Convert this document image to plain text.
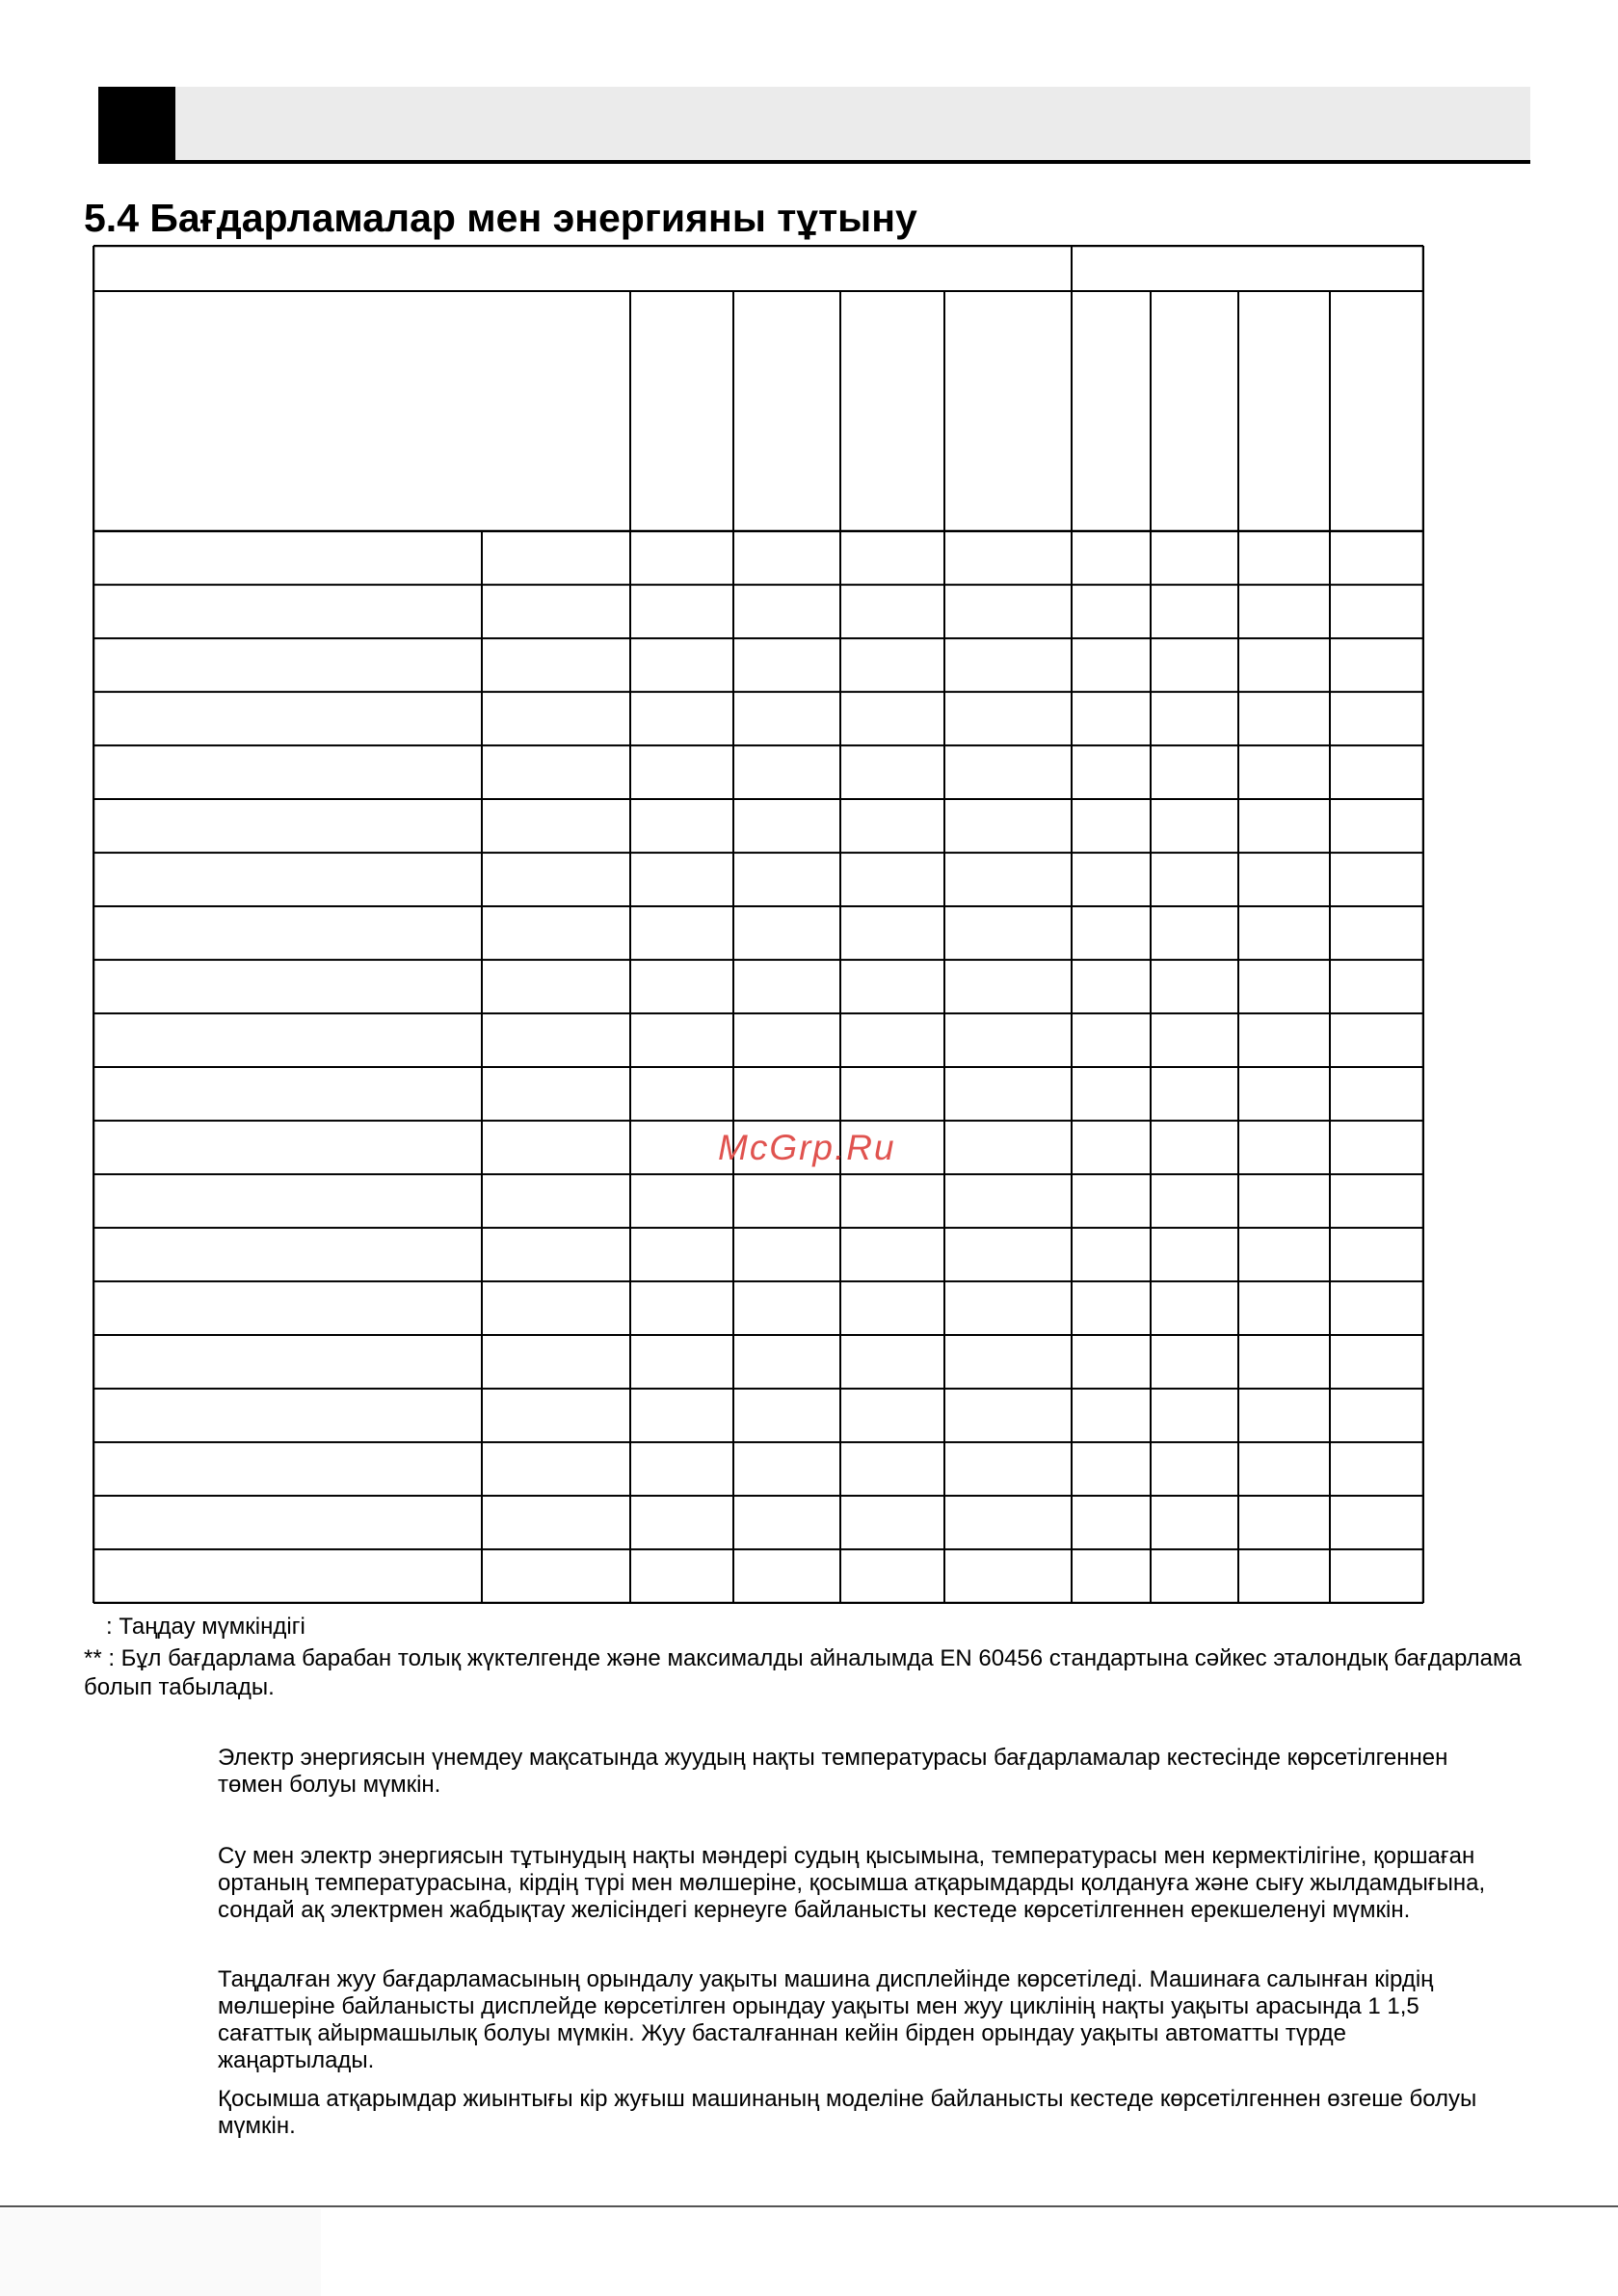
5.4 Бағдарламалар мен энергияны тұтыну
McGrp.Ru
: Таңдау мүмкіндігі
** : Бұл бағдарлама барабан толық жүктелгенде және максималды айналымда EN 60456 стандартына сәйкес эталондық бағдарлама болып табылады.

Электр энергиясын үнемдеу мақсатында жуудың нақты температурасы бағдарламалар кестесінде көрсетілгеннен төмен болуы мүмкін.

Су мен электр энергиясын тұтынудың нақты мәндері судың қысымына, температурасы мен кермектілігіне, қоршаған ортаның температурасына, кірдің түрі мен мөлшеріне, қосымша атқарымдарды қолдануға және сығу жылдамдығына, сондай ақ электрмен жабдықтау желісіндегі кернеуге байланысты кестеде көрсетілгеннен ерекшеленуі мүмкін.

Таңдалған жуу бағдарламасының орындалу уақыты машина дисплейінде көрсетіледі. Машинаға салынған кірдің мөлшеріне байланысты дисплейде көрсетілген орындау уақыты мен жуу циклінің нақты уақыты арасында 1 1,5 сағаттық айырмашылық болуы мүмкін. Жуу басталғаннан кейін бірден орындау уақыты автоматты түрде жаңартылады.

Қосымша атқарымдар жиынтығы кір жуғыш машинаның моделіне байланысты кестеде көрсетілгеннен өзгеше болуы мүмкін.
